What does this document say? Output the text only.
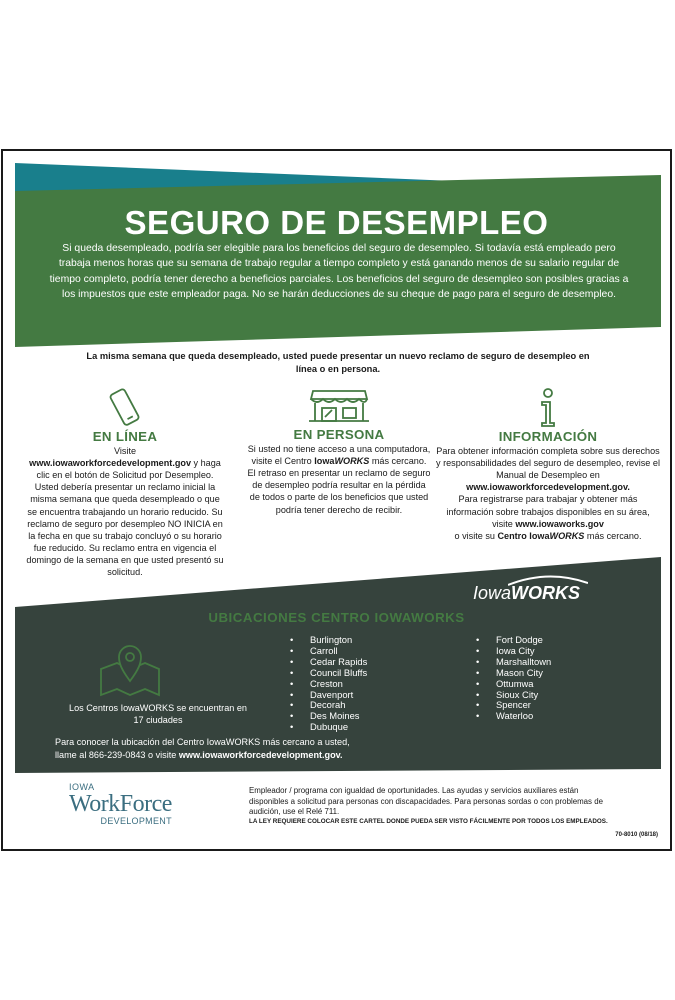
SEGURO DE DESEMPLEO

Si queda desempleado, podría ser elegible para los beneficios del seguro de desempleo. Si todavía está empleado pero trabaja menos horas que su semana de trabajo regular a tiempo completo y está ganando menos de su salario regular de tiempo completo, podría tener derecho a beneficios parciales. Los beneficios del seguro de desempleo son posibles gracias a los impuestos que este empleador paga. No se harán deducciones de su cheque de pago para el seguro de desempleo.

La misma semana que queda desempleado, usted puede presentar un nuevo reclamo de seguro de desempleo en línea o en persona.

EN LÍNEA

Visite
www.iowaworkforcedevelopment.gov y haga clic en el botón de Solicitud por Desempleo. Usted debería presentar un reclamo inicial la misma semana que queda desempleado o que se encuentra trabajando un horario reducido. Su reclamo de seguro por desempleo NO INICIA en la fecha en que su trabajo concluyó o su horario fue reducido. Su reclamo entra en vigencia el domingo de la semana en que usted presentó su solicitud.

EN PERSONA

Si usted no tiene acceso a una computadora, visite el Centro IowaWORKS más cercano.
El retraso en presentar un reclamo de seguro de desempleo podría resultar en la pérdida de todos o parte de los beneficios que usted podría tener derecho de recibir.

INFORMACIÓN

Para obtener información completa sobre sus derechos y responsabilidades del seguro de desempleo, revise el Manual de Desempleo en www.iowaworkforcedevelopment.gov.
Para registrarse para trabajar y obtener más información sobre trabajos disponibles en su área, visite www.iowaworks.gov
o visite su Centro IowaWORKS más cercano.

IowaWORKS
UBICACIONES CENTRO IOWAWORKS

Los Centros IowaWORKS se encuentran en 17 ciudades

• Burlington
• Carroll
• Cedar Rapids
• Council Bluffs
• Creston
• Davenport
• Decorah
• Des Moines
• Dubuque
• Fort Dodge
• Iowa City
• Marshalltown
• Mason City
• Ottumwa
• Sioux City
• Spencer
• Waterloo

Para conocer la ubicación del Centro IowaWORKS más cercano a usted,
llame al 866-239-0843 o visite www.iowaworkforcedevelopment.gov.

IOWA
WorkForce
DEVELOPMENT

Empleador / programa con igualdad de oportunidades. Las ayudas y servicios auxiliares están disponibles a solicitud para personas con discapacidades. Para personas sordas o con problemas de audición, use el Relé 711.

LA LEY REQUIERE COLOCAR ESTE CARTEL DONDE PUEDA SER VISTO FÁCILMENTE POR TODOS LOS EMPLEADOS.

70-8010 (08/18)
